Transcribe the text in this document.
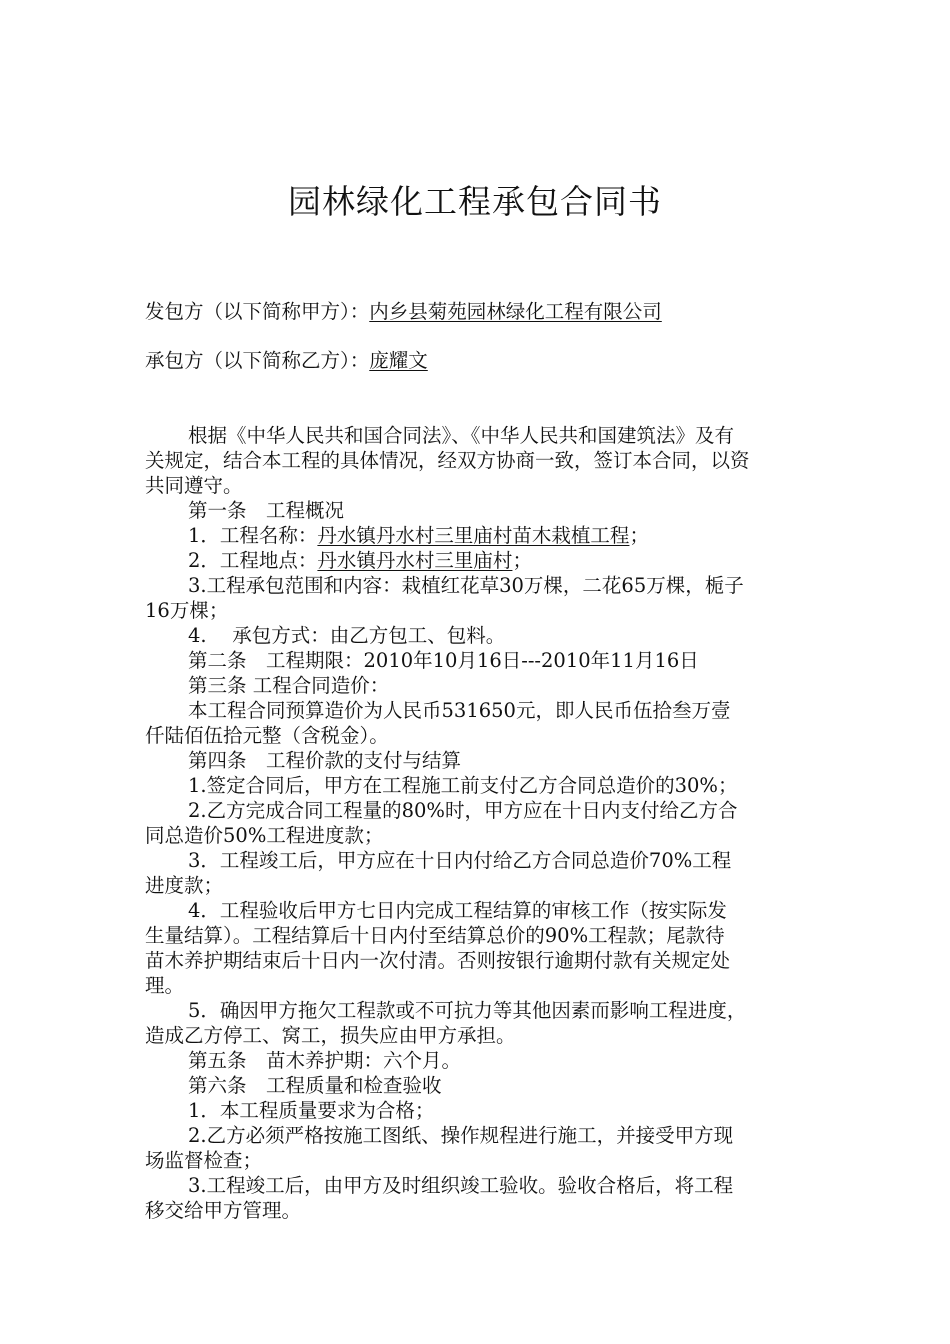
园林绿化工程承包合同书
发包方（以下简称甲方）：内乡县菊苑园林绿化工程有限公司
承包方（以下简称乙方）：庞耀文
根据《中华人民共和国合同法》、《中华人民共和国建筑法》及有
关规定，结合本工程的具体情况，经双方协商一致，签订本合同，以资
共同遵守。
第一条　工程概况
1．工程名称：丹水镇丹水村三里庙村苗木栽植工程；
2．工程地点：丹水镇丹水村三里庙村；
3.工程承包范围和内容：栽植红花草30万棵，二花65万棵，栀子
16万棵；
4.　 承包方式：由乙方包工、包料。
第二条　工程期限：2010年10月16日---2010年11月16日
第三条 工程合同造价：
本工程合同预算造价为人民币531650元，即人民币伍拾叁万壹
仟陆佰伍拾元整（含税金）。
第四条　工程价款的支付与结算
1.签定合同后，甲方在工程施工前支付乙方合同总造价的30%；
2.乙方完成合同工程量的80%时，甲方应在十日内支付给乙方合
同总造价50%工程进度款；
3．工程竣工后，甲方应在十日内付给乙方合同总造价70%工程
进度款；
4．工程验收后甲方七日内完成工程结算的审核工作（按实际发
生量结算）。工程结算后十日内付至结算总价的90%工程款；尾款待
苗木养护期结束后十日内一次付清。否则按银行逾期付款有关规定处
理。
5．确因甲方拖欠工程款或不可抗力等其他因素而影响工程进度，
造成乙方停工、窝工，损失应由甲方承担。
第五条　苗木养护期：六个月。
第六条　工程质量和检查验收
1．本工程质量要求为合格；
2.乙方必须严格按施工图纸、操作规程进行施工，并接受甲方现
场监督检查；
3.工程竣工后，由甲方及时组织竣工验收。验收合格后，将工程
移交给甲方管理。
